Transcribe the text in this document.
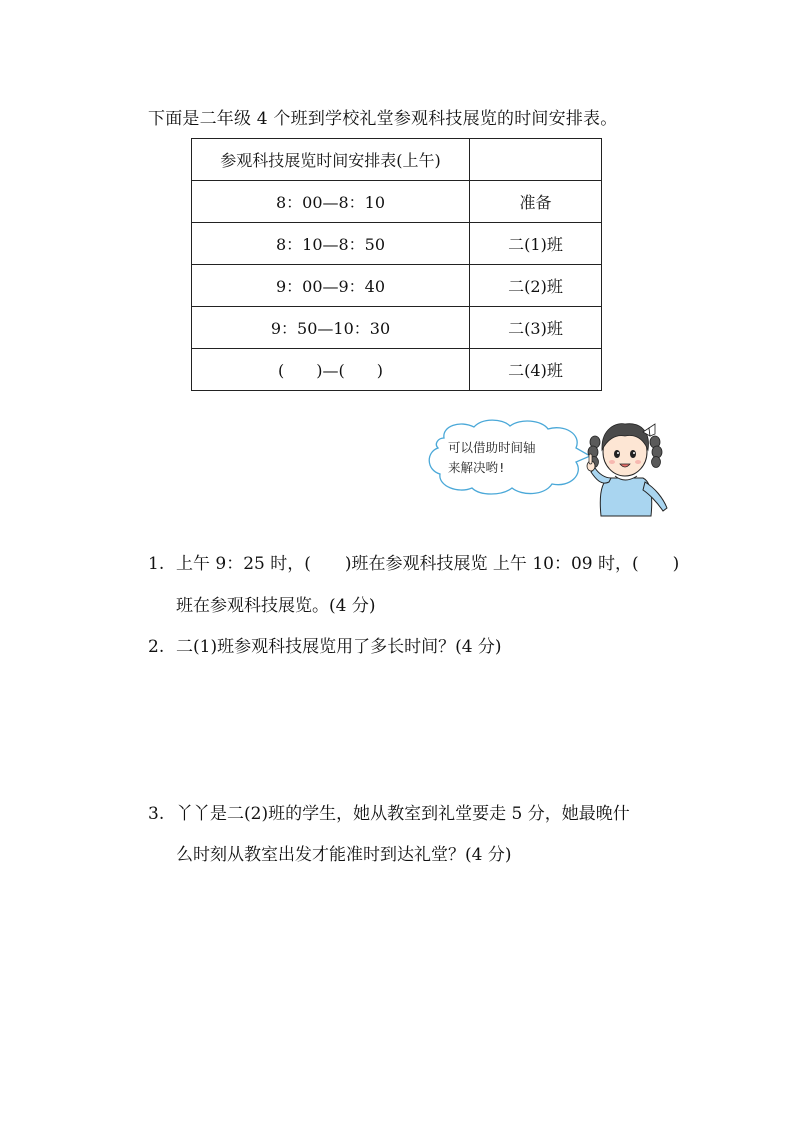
下面是二年级 4 个班到学校礼堂参观科技展览的时间安排表。
参观科技展览时间安排表(上午)	
8：00—8：10	准备
8：10—8：50	二(1)班
9：00—9：40	二(2)班
9：50—10：30	二(3)班
(　　)—(　　)	二(4)班
可以借助时间轴
来解决哟!
1. 上午 9：25 时，(　　)班在参观科技展览 上午 10：09 时，(　　)
班在参观科技展览。(4 分)
2. 二(1)班参观科技展览用了多长时间？(4 分)
3. 丫丫是二(2)班的学生，她从教室到礼堂要走 5 分，她最晚什
么时刻从教室出发才能准时到达礼堂？(4 分)
